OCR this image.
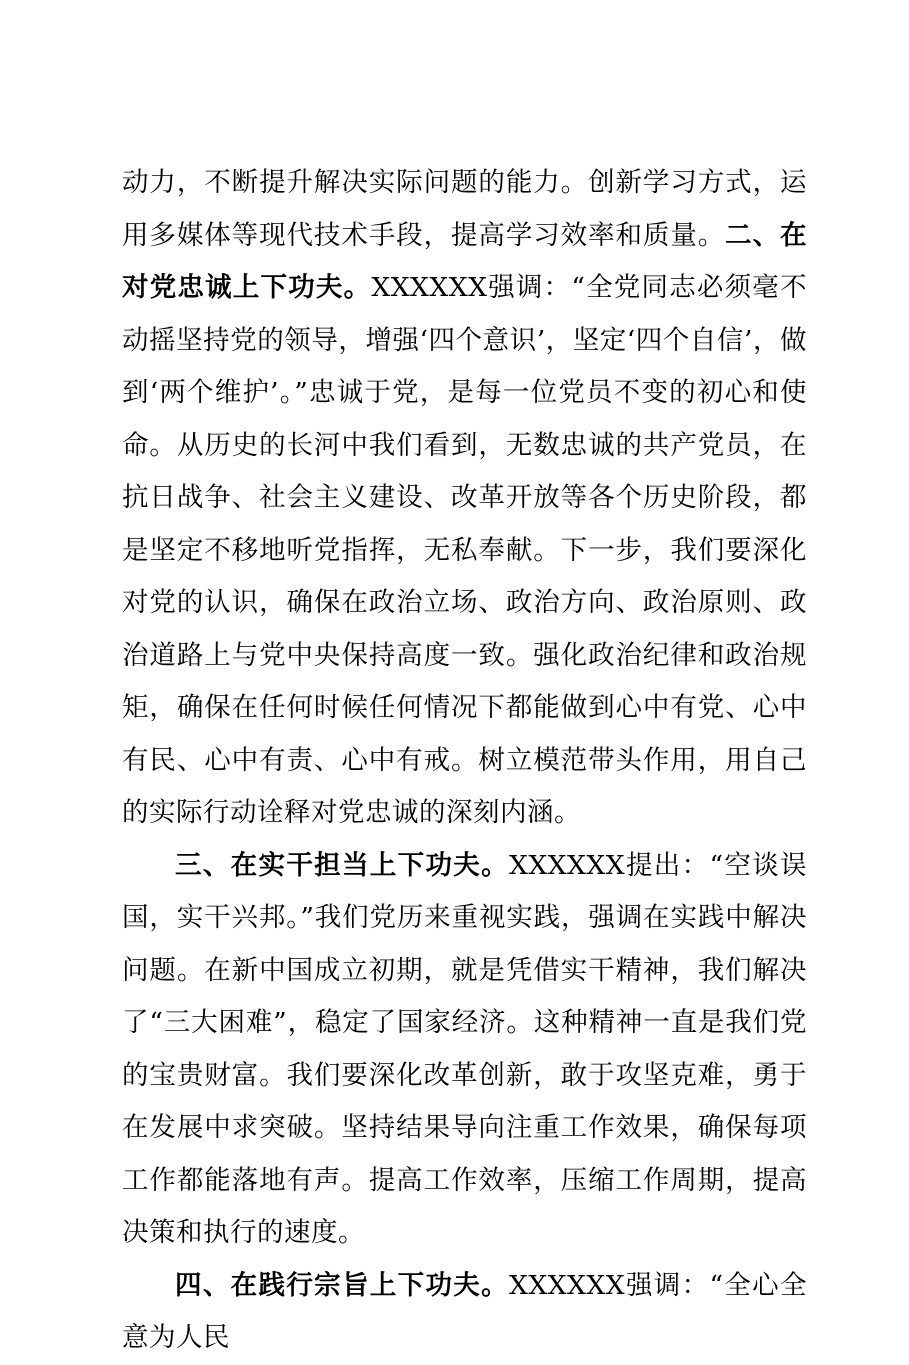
动力，不断提升解决实际问题的能力。创新学习方式，运用多媒体等现代技术手段，提高学习效率和质量。二、在对党忠诚上下功夫。XXXXXX强调：“全党同志必须毫不动摇坚持党的领导，增强‘四个意识’，坚定‘四个自信’，做到‘两个维护’。”忠诚于党，是每一位党员不变的初心和使命。从历史的长河中我们看到，无数忠诚的共产党员，在抗日战争、社会主义建设、改革开放等各个历史阶段，都是坚定不移地听党指挥，无私奉献。下一步，我们要深化对党的认识，确保在政治立场、政治方向、政治原则、政治道路上与党中央保持高度一致。强化政治纪律和政治规矩，确保在任何时候任何情况下都能做到心中有党、心中有民、心中有责、心中有戒。树立模范带头作用，用自己的实际行动诠释对党忠诚的深刻内涵。

三、在实干担当上下功夫。XXXXXX提出：“空谈误国，实干兴邦。”我们党历来重视实践，强调在实践中解决问题。在新中国成立初期，就是凭借实干精神，我们解决了“三大困难”，稳定了国家经济。这种精神一直是我们党的宝贵财富。我们要深化改革创新，敢于攻坚克难，勇于在发展中求突破。坚持结果导向注重工作效果，确保每项工作都能落地有声。提高工作效率，压缩工作周期，提高决策和执行的速度。

四、在践行宗旨上下功夫。XXXXXX强调：“全心全意为人民
